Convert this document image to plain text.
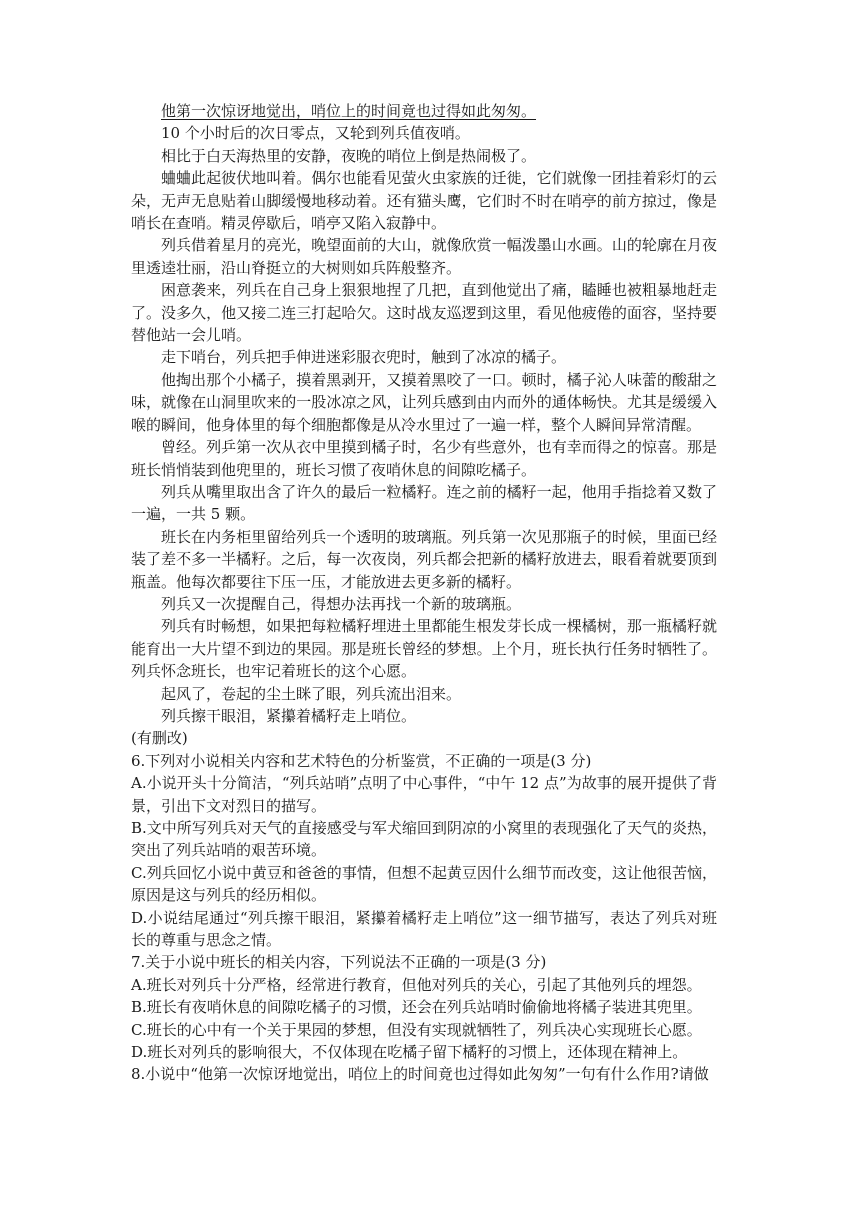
他第一次惊讶地觉出，哨位上的时间竟也过得如此匆匆。

10 个小时后的次日零点，又轮到列兵值夜哨。

相比于白天海热里的安静，夜晚的哨位上倒是热闹极了。

蛐蛐此起彼伏地叫着。偶尔也能看见萤火虫家族的迁徙，它们就像一团挂着彩灯的云朵，无声无息贴着山脚缓慢地移动着。还有猫头鹰，它们时不时在哨亭的前方掠过，像是哨长在查哨。精灵停歇后，哨亭又陷入寂静中。

列兵借着星月的亮光，晚望面前的大山，就像欣赏一幅泼墨山水画。山的轮廓在月夜里透逵壮丽，沿山脊挺立的大树则如兵阵般整齐。

困意袭来，列兵在自己身上狠狠地捏了几把，直到他觉出了痛，瞌睡也被粗暴地赶走了。没多久，他又接二连三打起哈欠。这时战友巡逻到这里，看见他疲倦的面容，坚持要替他站一会儿哨。

走下哨台，列兵把手伸进迷彩服衣兜时，触到了冰凉的橘子。

他掏出那个小橘子，摸着黑剥开，又摸着黑咬了一口。顿时，橘子沁人味蕾的酸甜之味，就像在山洞里吹来的一股冰凉之风，让列兵感到由内而外的通体畅快。尤其是缓缓入喉的瞬间，他身体里的每个细胞都像是从冷水里过了一遍一样，整个人瞬间异常清醒。

曾经。列乒第一次从衣中里摸到橘子时，名少有些意外，也有幸而得之的惊喜。那是班长悄悄装到他兜里的，班长习惯了夜哨休息的间隙吃橘子。

列兵从嘴里取出含了许久的最后一粒橘籽。连之前的橘籽一起，他用手指捻着又数了一遍，一共 5 颗。

班长在内务柜里留给列兵一个透明的玻璃瓶。列兵第一次见那瓶子的时候，里面已经装了差不多一半橘籽。之后，每一次夜岗，列兵都会把新的橘籽放进去，眼看着就要顶到瓶盖。他每次都要往下压一压，才能放进去更多新的橘籽。

列兵又一次提醒自己，得想办法再找一个新的玻璃瓶。

列兵有时畅想，如果把每粒橘籽埋进土里都能生根发芽长成一棵橘树，那一瓶橘籽就能育出一大片望不到边的果园。那是班长曾经的梦想。上个月，班长执行任务时牺牲了。列兵怀念班长，也牢记着班长的这个心愿。

起风了，卷起的尘土眯了眼，列兵流出泪来。

列兵擦干眼泪，紧攥着橘籽走上哨位。

(有删改)

6.下列对小说相关内容和艺术特色的分析鉴赏，不正确的一项是(3 分)

A.小说开头十分简洁，“列兵站哨”点明了中心事件，“中午 12 点”为故事的展开提供了背景，引出下文对烈日的描写。

B.文中所写列兵对天气的直接感受与军犬缩回到阴凉的小窝里的表现强化了天气的炎热，突出了列兵站哨的艰苦环境。

C.列兵回忆小说中黄豆和爸爸的事情，但想不起黄豆因什么细节而改变，这让他很苦恼，原因是这与列兵的经历相似。

D.小说结尾通过“列兵擦干眼泪，紧攥着橘籽走上哨位”这一细节描写，表达了列兵对班长的尊重与思念之情。

7.关于小说中班长的相关内容，下列说法不正确的一项是(3 分)

A.班长对列兵十分严格，经常进行教育，但他对列兵的关心，引起了其他列兵的埋怨。

B.班长有夜哨休息的间隙吃橘子的习惯，还会在列兵站哨时偷偷地将橘子装进其兜里。

C.班长的心中有一个关于果园的梦想，但没有实现就牺牲了，列兵决心实现班长心愿。

D.班长对列兵的影响很大，不仅体现在吃橘子留下橘籽的习惯上，还体现在精神上。

8.小说中“他第一次惊讶地觉出，哨位上的时间竟也过得如此匆匆”一句有什么作用?请做
